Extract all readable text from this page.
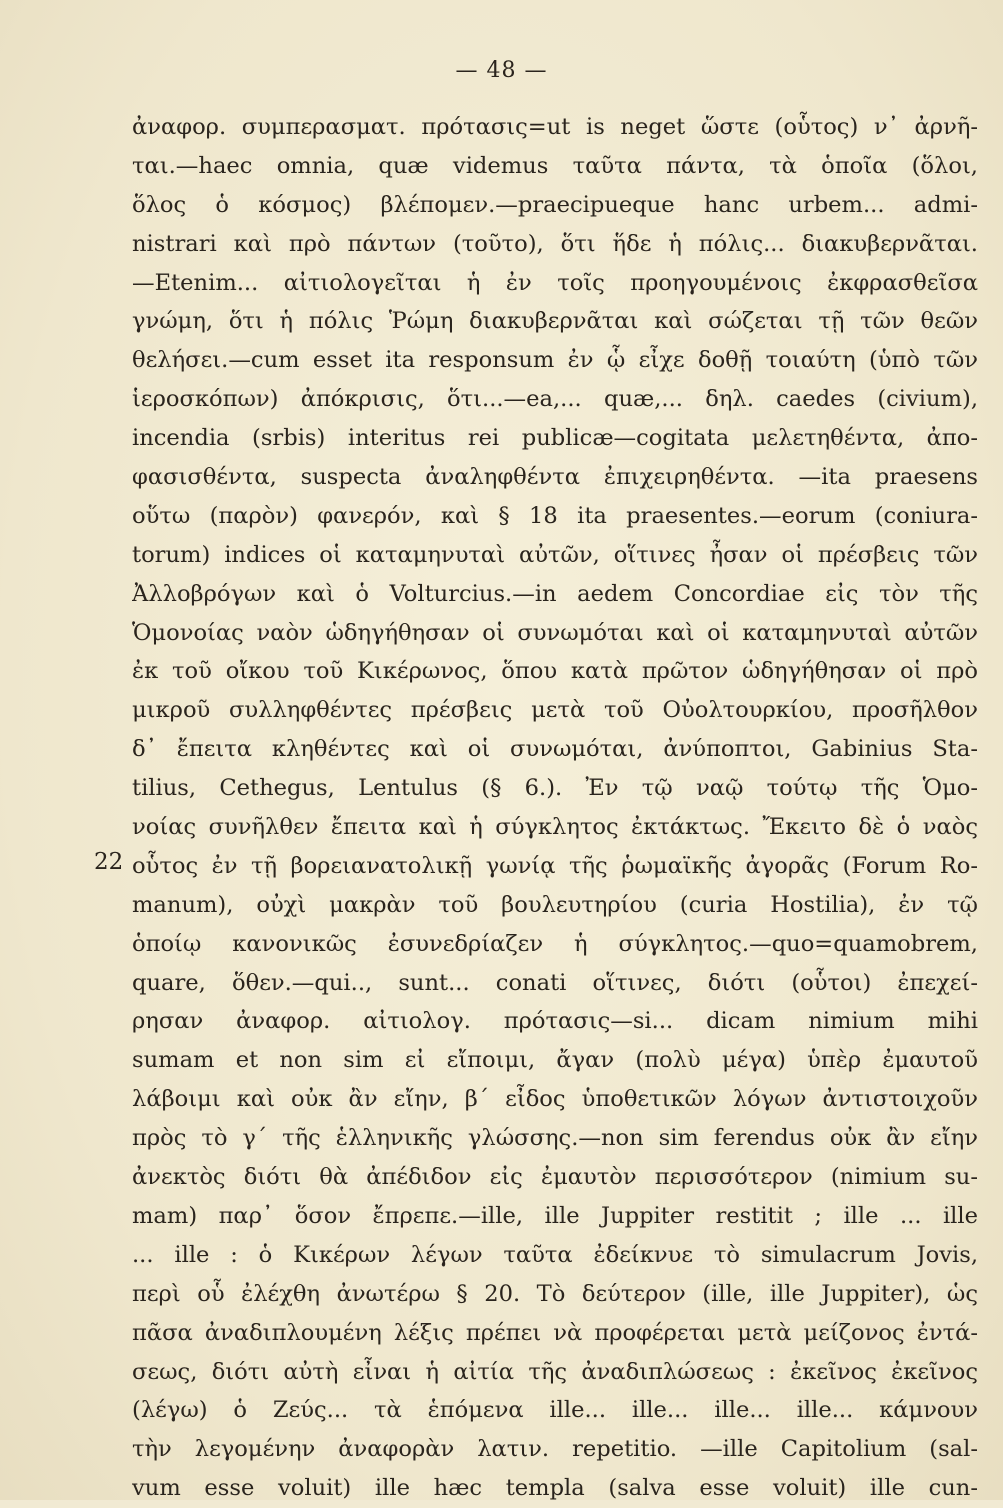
— 48 —
22
ἀναφορ. συμπερασματ. πρότασις=ut is neget ὥστε (οὗτος) ν᾽ ἀρνῆ-
ται.—haec omnia, quæ videmus ταῦτα πάντα, τὰ ὁποῖα (ὅλοι,
ὅλος ὁ κόσμος) βλέπομεν.—praecipueque hanc urbem... admi-
nistrari καὶ πρὸ πάντων (τοῦτο), ὅτι ἥδε ἡ πόλις... διακυβερνᾶται.
—Etenim... αἰτιολογεῖται ἡ ἐν τοῖς προηγουμένοις ἐκφρασθεῖσα
γνώμη, ὅτι ἡ πόλις Ῥώμη διακυβερνᾶται καὶ σώζεται τῇ τῶν θεῶν
θελήσει.—cum esset ita responsum ἐν ᾧ εἶχε δοθῇ τοιαύτη (ὑπὸ τῶν
ἱεροσκόπων) ἀπόκρισις, ὅτι...—ea,... quæ,... δηλ. caedes (civium),
incendia (srbis) interitus rei publicæ—cogitata μελετηθέντα, ἀπο-
φασισθέντα, suspecta ἀναληφθέντα ἐπιχειρηθέντα. —ita praesens
οὕτω (παρὸν) φανερόν, καὶ § 18 ita praesentes.—eorum (coniura-
torum) indices οἱ καταμηνυταὶ αὐτῶν, οἵτινες ἦσαν οἱ πρέσβεις τῶν
Ἀλλοβρόγων καὶ ὁ Volturcius.—in aedem Concordiae εἰς τὸν τῆς
Ὁμονοίας ναὸν ὡδηγήθησαν οἱ συνωμόται καὶ οἱ καταμηνυταὶ αὐτῶν
ἐκ τοῦ οἴκου τοῦ Κικέρωνος, ὅπου κατὰ πρῶτον ὡδηγήθησαν οἱ πρὸ
μικροῦ συλληφθέντες πρέσβεις μετὰ τοῦ Οὐολτουρκίου, προσῆλθον
δ᾽ ἔπειτα κληθέντες καὶ οἱ συνωμόται, ἀνύποπτοι, Gabinius Sta-
tilius, Cethegus, Lentulus (§ 6.). Ἐν τῷ ναῷ τούτῳ τῆς Ὁμο-
νοίας συνῆλθεν ἔπειτα καὶ ἡ σύγκλητος ἐκτάκτως. Ἔκειτο δὲ ὁ ναὸς
οὗτος ἐν τῇ βορειανατολικῇ γωνίᾳ τῆς ῥωμαϊκῆς ἀγορᾶς (Forum Ro-
manum), οὐχὶ μακρὰν τοῦ βουλευτηρίου (curia Hostilia), ἐν τῷ
ὁποίῳ κανονικῶς ἐσυνεδρίαζεν ἡ σύγκλητος.—quo=quamobrem,
quare, ὅθεν.—qui.., sunt... conati οἵτινες, διότι (οὗτοι) ἐπεχεί-
ρησαν ἀναφορ. αἰτιολογ. πρότασις—si... dicam nimium mihi
sumam et non sim εἰ εἴποιμι, ἄγαν (πολὺ μέγα) ὑπὲρ ἐμαυτοῦ
λάβοιμι καὶ οὐκ ἂν εἴην, β΄ εἶδος ὑποθετικῶν λόγων ἀντιστοιχοῦν
πρὸς τὸ γ΄ τῆς ἑλληνικῆς γλώσσης.—non sim ferendus οὐκ ἂν εἴην
ἀνεκτὸς διότι θὰ ἀπέδιδον εἰς ἐμαυτὸν περισσότερον (nimium su-
mam) παρ᾽ ὅσον ἔπρεπε.—ille, ille Juppiter restitit ; ille ... ille
... ille : ὁ Κικέρων λέγων ταῦτα ἐδείκνυε τὸ simulacrum Jovis,
περὶ οὗ ἐλέχθη ἀνωτέρω § 20. Τὸ δεύτερον (ille, ille Juppiter), ὡς
πᾶσα ἀναδιπλουμένη λέξις πρέπει νὰ προφέρεται μετὰ μείζονος ἐντά-
σεως, διότι αὐτὴ εἶναι ἡ αἰτία τῆς ἀναδιπλώσεως : ἐκεῖνος ἐκεῖνος
(λέγω) ὁ Ζεύς... τὰ ἑπόμενα ille... ille... ille... ille... κάμνουν
τὴν λεγομένην ἀναφορὰν λατιν. repetitio. —ille Capitolium (sal-
vum esse voluit) ille hæc templa (salva esse voluit) ille cun-
